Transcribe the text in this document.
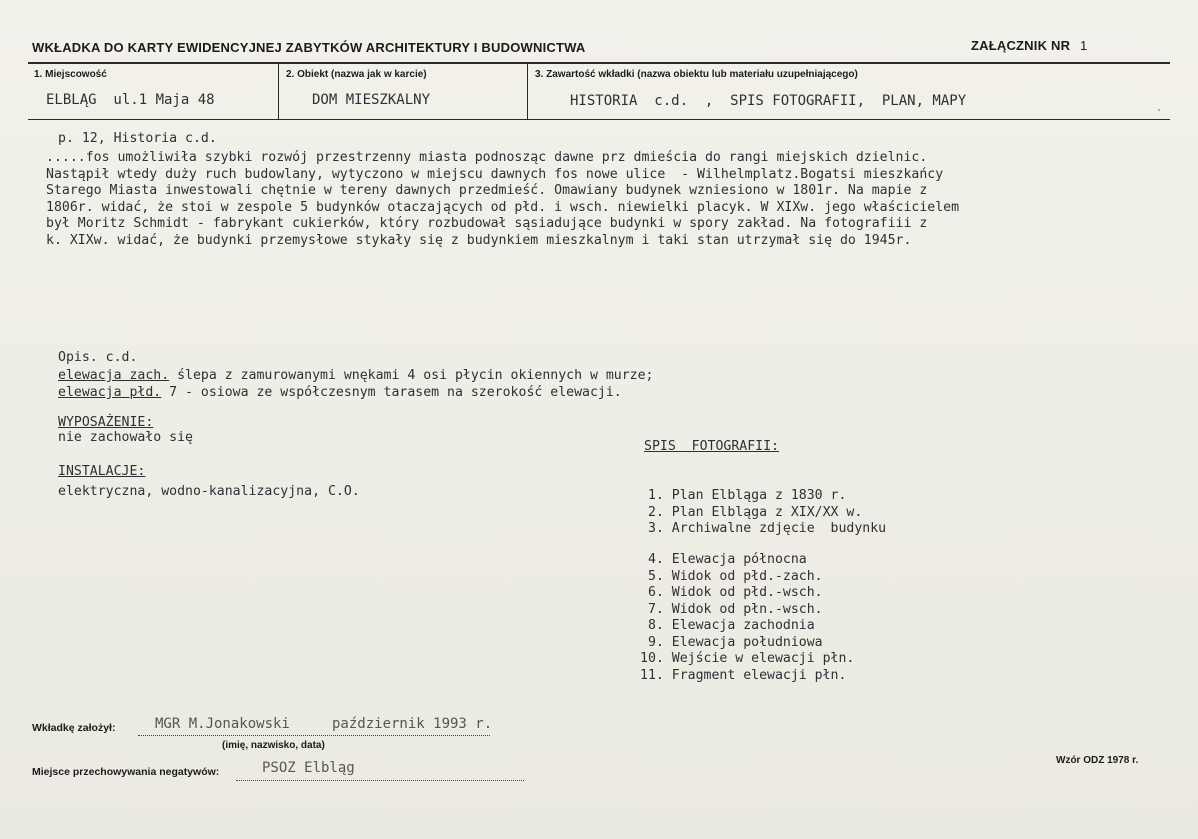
WKŁADKA DO KARTY EWIDENCYJNEJ ZABYTKÓW ARCHITEKTURY I BUDOWNICTWA	ZAŁĄCZNIK NR 1
1. Miejscowość
ELBLĄG  ul.1 Maja 48
2. Obiekt (nazwa jak w karcie)
DOM MIESZKALNY
3. Zawartość wkładki (nazwa obiektu lub materiału uzupełniającego)
HISTORIA  c.d.  ,  SPIS FOTOGRAFII,  PLAN, MAPY
'
p. 12, Historia c.d.
.....fos umożliwiła szybki rozwój przestrzenny miasta podnosząc dawne prz dmieścia do rangi miejskich dzielnic.
Nastąpił wtedy duży ruch budowlany, wytyczono w miejscu dawnych fos nowe ulice  - Wilhelmplatz.Bogatsi mieszkańcy
Starego Miasta inwestowali chętnie w tereny dawnych przedmieść. Omawiany budynek wzniesiono w 1801r. Na mapie z
1806r. widać, że stoi w zespole 5 budynków otaczających od płd. i wsch. niewielki placyk. W XIXw. jego właścicielem
był Moritz Schmidt - fabrykant cukierków, który rozbudował sąsiadujące budynki w spory zakład. Na fotografiii z
k. XIXw. widać, że budynki przemysłowe stykały się z budynkiem mieszkalnym i taki stan utrzymał się do 1945r.
Opis. c.d.
elewacja zach. ślepa z zamurowanymi wnękami 4 osi płycin okiennych w murze;
elewacja płd. 7 - osiowa ze współczesnym tarasem na szerokość elewacji.
WYPOSAŻENIE:
nie zachowało się
INSTALACJE:
elektryczna, wodno-kanalizacyjna, C.O.
SPIS  FOTOGRAFII:
1. Plan Elbląga z 1830 r.
2. Plan Elbląga z XIX/XX w.
3. Archiwalne zdjęcie  budynku
4. Elewacja północna
5. Widok od płd.-zach.
6. Widok od płd.-wsch.
7. Widok od płn.-wsch.
8. Elewacja zachodnia
9. Elewacja południowa
10. Wejście w elewacji płn.
11. Fragment elewacji płn.
Wkładkę założył:	MGR M.Jonakowski     październik 1993 r.
(imię, nazwisko, data)
Miejsce przechowywania negatywów:	PSOZ Elbląg	Wzór ODZ 1978 r.
